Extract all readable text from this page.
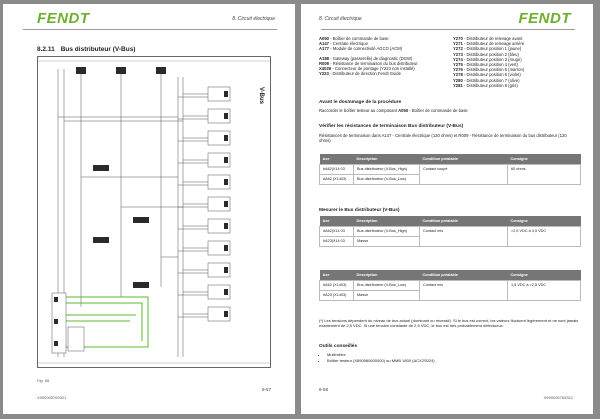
FENDT	8. Circuit électrique
8.2.11 Bus distributeur (V-Bus)
V-Bus
Fig. 86
8-57
X990005769321
8. Circuit électrique	FENDT
A050 - Boîtier de commande de base
A147 - Centrale électrique
A177 - Module de connectivité AGCO (ACM)
A188 - Gateway (passerelle) de diagnostic (DGW)
R009 - Résistance de terminaison du bus distributeur
X4026 - Connecteur de pontage (Y223 non installé)
Y223 - Distributeur de direction Fendt Guide
Y270 - Distributeur de relevage avant
Y271 - Distributeur de relevage arrière
Y272 - Distributeur position 1 (jaune)
Y273 - Distributeur position 2 (bleu)
Y274 - Distributeur position 3 (rouge)
Y275 - Distributeur position 4 (vert)
Y276 - Distributeur position 5 (marron)
Y278 - Distributeur position 6 (violet)
Y280 - Distributeur position 7 (olive)
Y281 - Distributeur position 8 (gris)
Avant le dosmmage de la procédure
Raccorder le boîtier testeur au composant A050 - Boîtier de commande de base
Vérifier les résistances de terminaison Bus distributeur (V-Bus)
Résistances de terminaison dans A147 - Centrale électrique (120 ohms) et R009 - Résistance de terminaison du bus distributeur (120 ohms)
Axe	Description	Condition préalable	Consigne
#A62|X14 03	Bus distributeur (V-Bus_High)	Contact coupé	60 ohms
#A62 (X1403)	Bus distributeur (V-Bus_Low)		
Mesurer le Bus distributeur (V-Bus)
Axe	Description	Condition préalable	Consigne
#A62|X14 03	Bus distributeur (V-Bus_High)	Contact mis	>2,5 VDC à 3,5 VDC
#A23|X14 03	Masse		
Axe	Description	Condition préalable	Consigne
#A62 (X1403)	Bus distributeur (V-Bus_Low)	Contact mis	1,5 VDC à <2,5 VDC
#A23 (X1403)	Masse		
(*) Les tensions dépendent du niveau de bus actuel (dominant ou récessif). Si le bus est correct, les valeurs fluctuent légèrement et ne sont jamais exactement de 2,5 VDC. Si une tension constante de 2,5 VDC, le bus est très probablement défectueux.
Outils conseillés
• Multimètre
• Boîtier testeur (X890980600000) ou MMB 1800 (ACX2S024)
8-58
X990005769321
